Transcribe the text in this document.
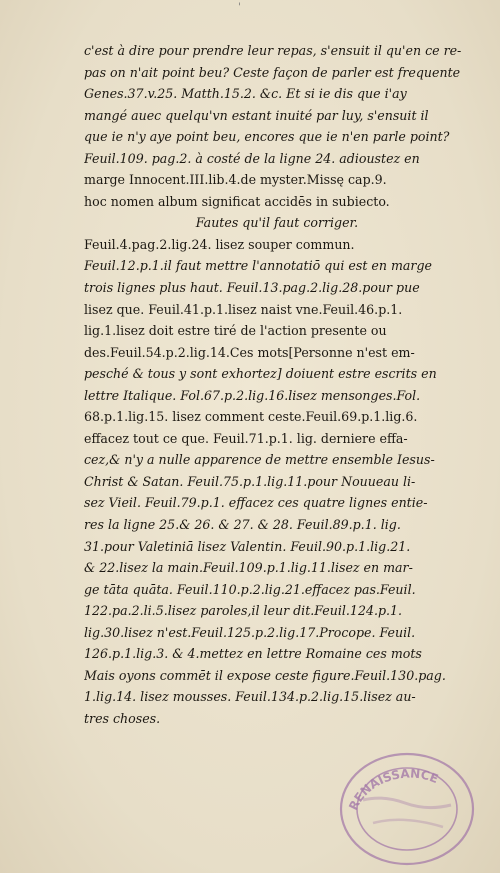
'
c'est à dire pour prendre leur repas, s'ensuit il qu'en ce re-
pas on n'ait point beu? Ceste façon de parler est frequente
Genes.37.v.25. Matth.15.2. &c. Et si ie dis que i'ay
mangé auec quelqu'vn estant inuité par luy, s'ensuit il
que ie n'y aye point beu, encores que ie n'en parle point?
Feuil.109. pag.2. à costé de la ligne 24. adioustez en
marge Innocent.III.lib.4.de myster.Missę cap.9.
hoc nomen album significat accidēs in subiecto.
Fautes qu'il faut corriger.
Feuil.4.pag.2.lig.24. lisez souper commun.
Feuil.12.p.1.il faut mettre l'annotatiō qui est en marge
trois lignes plus haut. Feuil.13.pag.2.lig.28.pour pue
lisez que. Feuil.41.p.1.lisez naist vne.Feuil.46.p.1.
lig.1.lisez doit estre tiré de l'action presente ou
des.Feuil.54.p.2.lig.14.Ces mots[Personne n'est em-
pesché & tous y sont exhortez] doiuent estre escrits en
lettre Italique. Fol.67.p.2.lig.16.lisez mensonges.Fol.
68.p.1.lig.15. lisez comment ceste.Feuil.69.p.1.lig.6.
effacez tout ce que. Feuil.71.p.1. lig. derniere effa-
cez,& n'y a nulle apparence de mettre ensemble Iesus-
Christ & Satan. Feuil.75.p.1.lig.11.pour Nouueau li-
sez Vieil. Feuil.79.p.1. effacez ces quatre lignes entie-
res la ligne 25.& 26. & 27. & 28. Feuil.89.p.1. lig.
31.pour Valetiniā lisez Valentin. Feuil.90.p.1.lig.21.
& 22.lisez la main.Feuil.109.p.1.lig.11.lisez en mar-
ge tāta quāta. Feuil.110.p.2.lig.21.effacez pas.Feuil.
122.pa.2.li.5.lisez paroles,il leur dit.Feuil.124.p.1.
lig.30.lisez n'est.Feuil.125.p.2.lig.17.Procope. Feuil.
126.p.1.lig.3. & 4.mettez en lettre Romaine ces mots
Mais oyons commēt il expose ceste figure.Feuil.130.pag.
1.lig.14. lisez mousses. Feuil.134.p.2.lig.15.lisez au-
tres choses.
RENAISSANCE
